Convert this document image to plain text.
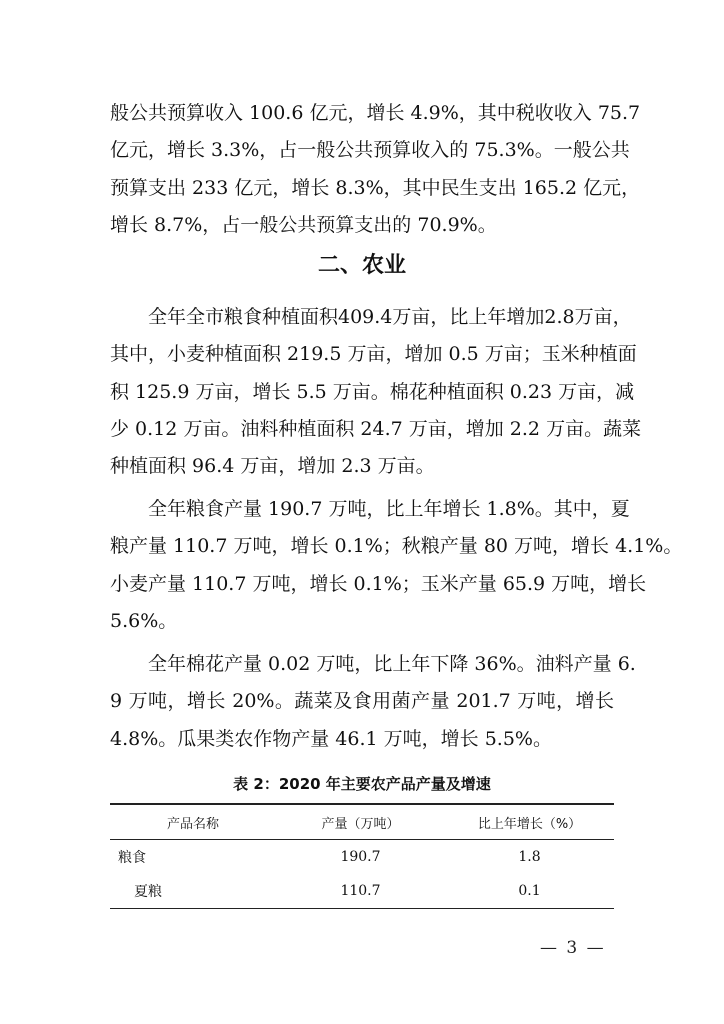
般公共预算收入 100.6 亿元，增长 4.9%，其中税收收入 75.7

亿元，增长 3.3%，占一般公共预算收入的 75.3%。一般公共

预算支出 233 亿元，增长 8.3%，其中民生支出 165.2 亿元，

增长 8.7%，占一般公共预算支出的 70.9%。

二、农业

　　全年全市粮食种植面积409.4万亩，比上年增加2.8万亩，

其中，小麦种植面积 219.5 万亩，增加 0.5 万亩；玉米种植面

积 125.9 万亩，增长 5.5 万亩。棉花种植面积 0.23 万亩，减

少 0.12 万亩。油料种植面积 24.7 万亩，增加 2.2 万亩。蔬菜

种植面积 96.4 万亩，增加 2.3 万亩。

　　全年粮食产量 190.7 万吨，比上年增长 1.8%。其中，夏

粮产量 110.7 万吨，增长 0.1%；秋粮产量 80 万吨，增长 4.1%。

小麦产量 110.7 万吨，增长 0.1%；玉米产量 65.9 万吨，增长

5.6%。

　　全年棉花产量 0.02 万吨，比上年下降 36%。油料产量 6.

9 万吨，增长 20%。蔬菜及食用菌产量 201.7 万吨，增长

4.8%。瓜果类农作物产量 46.1 万吨，增长 5.5%。

表 2：2020 年主要农产品产量及增速
产品名称	产量（万吨）	比上年增长（%）
粮食	190.7	1.8
夏粮	110.7	0.1
— 3 —
